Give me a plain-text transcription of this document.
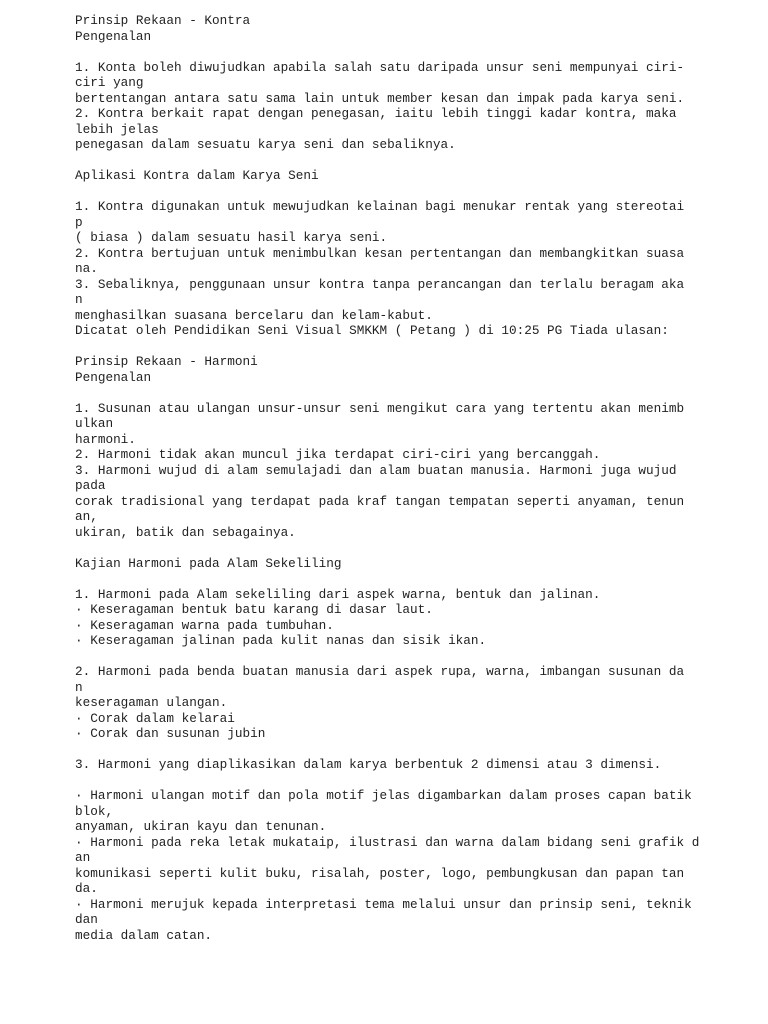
Prinsip Rekaan - Kontra
Pengenalan
1. Konta boleh diwujudkan apabila salah satu daripada unsur seni mempunyai ciri-
ciri yang
bertentangan antara satu sama lain untuk member kesan dan impak pada karya seni.
2. Kontra berkait rapat dengan penegasan, iaitu lebih tinggi kadar kontra, maka
lebih jelas
penegasan dalam sesuatu karya seni dan sebaliknya.
Aplikasi Kontra dalam Karya Seni
1. Kontra digunakan untuk mewujudkan kelainan bagi menukar rentak yang stereotai
p
( biasa ) dalam sesuatu hasil karya seni.
2. Kontra bertujuan untuk menimbulkan kesan pertentangan dan membangkitkan suasa
na.
3. Sebaliknya, penggunaan unsur kontra tanpa perancangan dan terlalu beragam aka
n
menghasilkan suasana bercelaru dan kelam-kabut.
Dicatat oleh Pendidikan Seni Visual SMKKM ( Petang ) di 10:25 PG Tiada ulasan:
Prinsip Rekaan - Harmoni
Pengenalan
1. Susunan atau ulangan unsur-unsur seni mengikut cara yang tertentu akan menimb
ulkan
harmoni.
2. Harmoni tidak akan muncul jika terdapat ciri-ciri yang bercanggah.
3. Harmoni wujud di alam semulajadi dan alam buatan manusia. Harmoni juga wujud
pada
corak tradisional yang terdapat pada kraf tangan tempatan seperti anyaman, tenun
an,
ukiran, batik dan sebagainya.
Kajian Harmoni pada Alam Sekeliling
1. Harmoni pada Alam sekeliling dari aspek warna, bentuk dan jalinan.
· Keseragaman bentuk batu karang di dasar laut.
· Keseragaman warna pada tumbuhan.
· Keseragaman jalinan pada kulit nanas dan sisik ikan.
2. Harmoni pada benda buatan manusia dari aspek rupa, warna, imbangan susunan da
n
keseragaman ulangan.
· Corak dalam kelarai
· Corak dan susunan jubin
3. Harmoni yang diaplikasikan dalam karya berbentuk 2 dimensi atau 3 dimensi.
· Harmoni ulangan motif dan pola motif jelas digambarkan dalam proses capan batik
blok,
anyaman, ukiran kayu dan tenunan.
· Harmoni pada reka letak mukataip, ilustrasi dan warna dalam bidang seni grafik d
an
komunikasi seperti kulit buku, risalah, poster, logo, pembungkusan dan papan tan
da.
· Harmoni merujuk kepada interpretasi tema melalui unsur dan prinsip seni, teknik
dan
media dalam catan.
